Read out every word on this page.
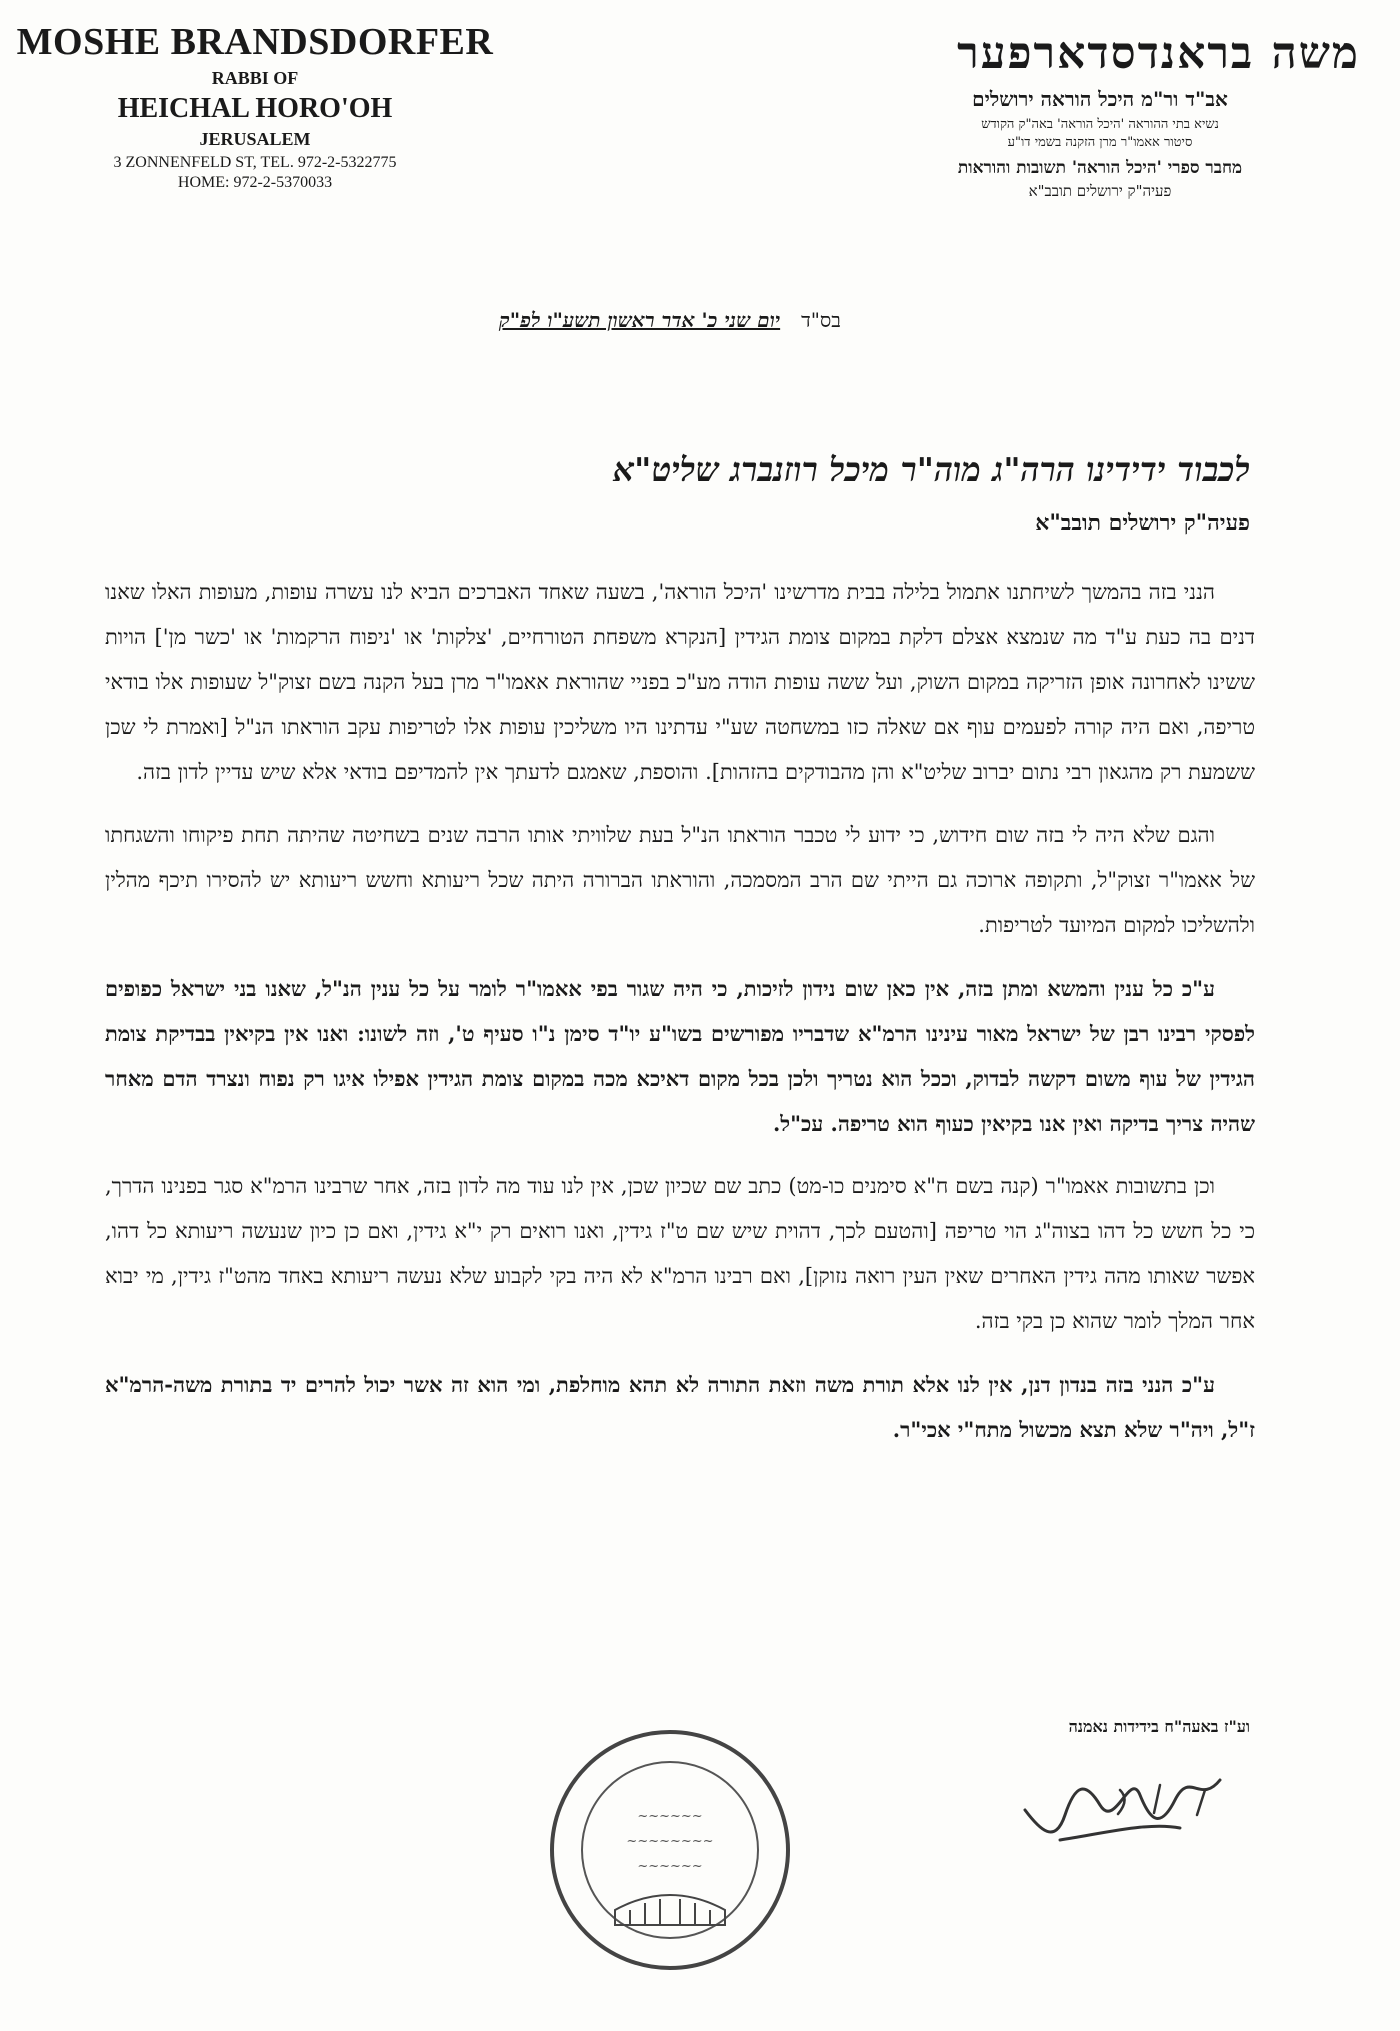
MOSHE BRANDSDORFER
RABBI OF
HEICHAL HORO'OH
JERUSALEM
3 ZONNENFELD ST, TEL. 972-2-5322775
HOME: 972-2-5370033
משה בראנדסדארפער
אב"ד ור"מ היכל הוראה ירושלים
נשיא בתי ההוראה 'היכל הוראה' באה"ק הקודש
סיטור אאמו"ר מרן הזקנה בשמי דו"ע
מחבר ספרי 'היכל הוראה' תשובות והוראות
פעיה"ק ירושלים תובב"א
בס"ד יום שני כ' אדר ראשון תשע"ו לפ"ק
לכבוד ידידינו הרה"ג מוה"ר מיכל רוזנברג שליט"א
פעיה"ק ירושלים תובב"א

הנני בזה בהמשך לשיחתנו אתמול בלילה בבית מדרשינו 'היכל הוראה', בשעה שאחד האברכים הביא לנו עשרה עופות, מעופות האלו שאנו דנים בה כעת ע"ד מה שנמצא אצלם דלקת במקום צומת הגידין [הנקרא משפחת הטורחיים, 'צלקות' או 'ניפוח הרקמות' או 'כשר מן'] הויות ששינו לאחרונה אופן הזריקה במקום השוק, ועל ששה עופות הודה מע"כ בפניי שהוראת אאמו"ר מרן בעל הקנה בשם זצוק"ל שעופות אלו בודאי טריפה, ואם היה קורה לפעמים עוף אם שאלה כזו במשחטה שע"י עדתינו היו משליכין עופות אלו לטריפות עקב הוראתו הנ"ל [ואמרת לי שכן ששמעת רק מהגאון רבי נתום יברוב שליט"א והן מהבודקים בהזהות]. והוספת, שאמגם לדעתך אין להמדיפם בודאי אלא שיש עדיין לדון בזה.

והגם שלא היה לי בזה שום חידוש, כי ידוע לי טכבר הוראתו הנ"ל בעת שלוויתי אותו הרבה שנים בשחיטה שהיתה תחת פיקוחו והשגחתו של אאמו"ר זצוק"ל, ותקופה ארוכה גם הייתי שם הרב המסמכה, והוראתו הברורה היתה שכל ריעותא וחשש ריעותא יש להסירו תיכף מהלין ולהשליכו למקום המיועד לטריפות.

ע"כ כל ענין והמשא ומתן בזה, אין כאן שום נידון לזיכות, כי היה שגור בפי אאמו"ר לומר על כל ענין הנ"ל, שאנו בני ישראל כפופים לפסקי רבינו רבן של ישראל מאור עינינו הרמ"א שדבריו מפורשים בשו"ע יו"ד סימן נ"ו סעיף ט', וזה לשונו: ואנו אין בקיאין בבדיקת צומת הגידין של עוף משום דקשה לבדוק, וככל הוא נטריך ולכן בכל מקום דאיכא מכה במקום צומת הגידין אפילו איגו רק נפוח ונצרד הדם מאחר שהיה צריך בדיקה ואין אנו בקיאין כעוף הוא טריפה. עכ"ל.

וכן בתשובות אאמו"ר (קנה בשם ח"א סימנים כו-מט) כתב שם שכיון שכן, אין לנו עוד מה לדון בזה, אחר שרבינו הרמ"א סגר בפנינו הדרך, כי כל חשש כל דהו בצוה"ג הוי טריפה [והטעם לכך, דהוית שיש שם ט"ז גידין, ואנו רואים רק י"א גידין, ואם כן כיון שנעשה ריעותא כל דהו, אפשר שאותו מהה גידין האחרים שאין העין רואה נזוקן], ואם רבינו הרמ"א לא היה בקי לקבוע שלא נעשה ריעותא באחד מהט"ז גידין, מי יבוא אחר המלך לומר שהוא כן בקי בזה.

ע"כ הנני בזה בנדון דנן, אין לנו אלא תורת משה וזאת התורה לא תהא מוחלפת, ומי הוא זה אשר יכול להרים יד בתורת משה-הרמ"א ז"ל, ויה"ר שלא תצא מכשול מתח"י אכי"ר.

וע"ז באעה"ח בידידות נאמנה
~~~~~~
~~~~~~~~
~~~~~~
